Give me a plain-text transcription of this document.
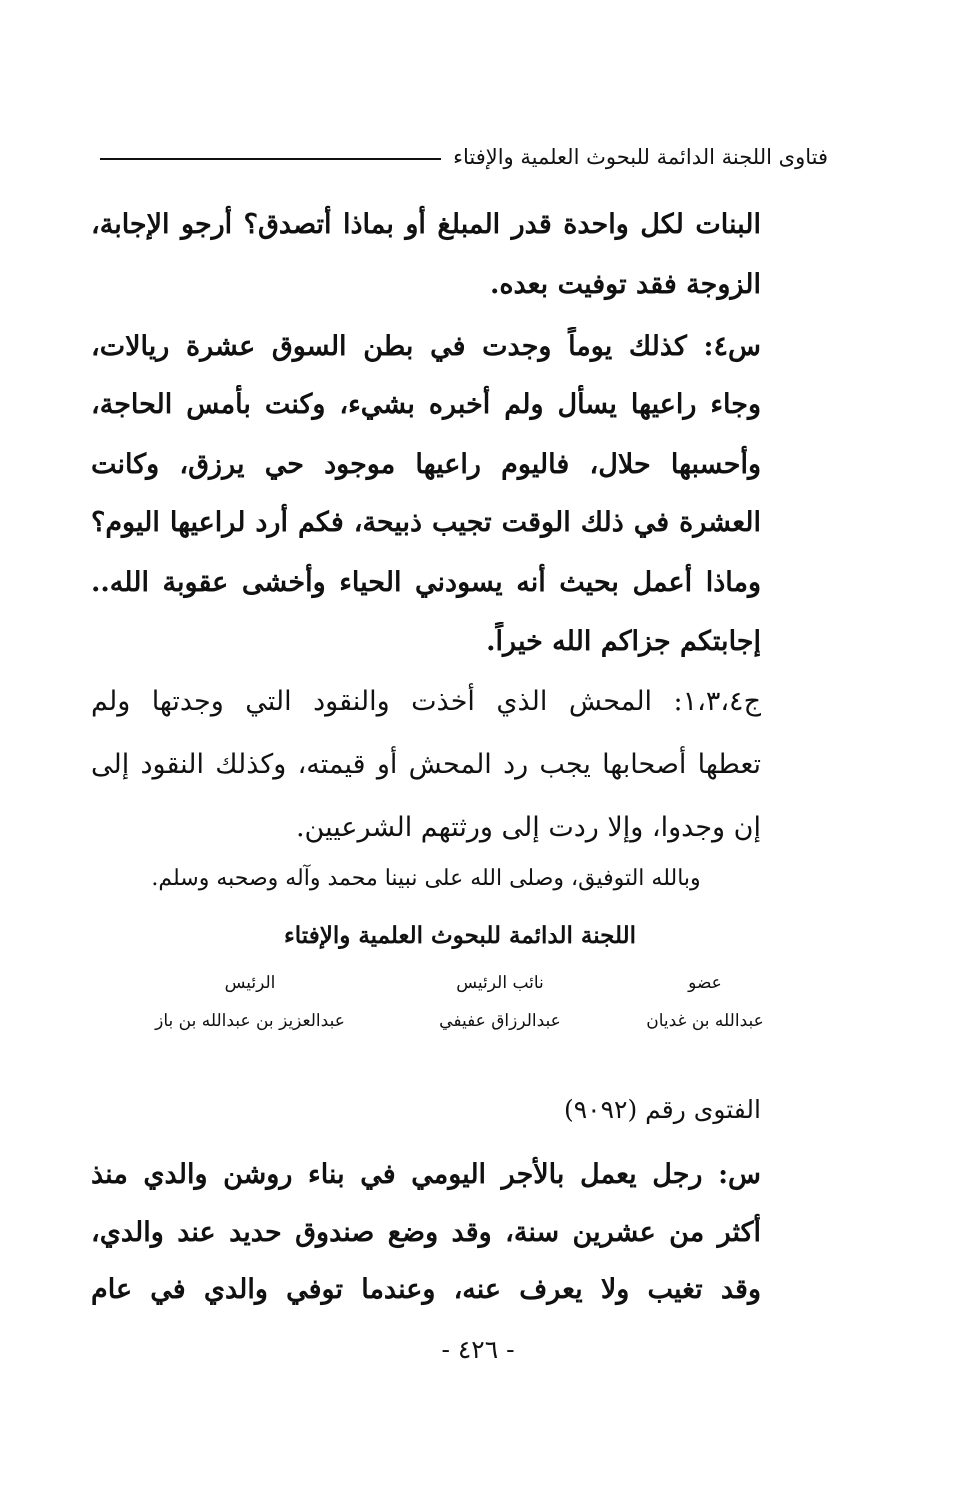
فتاوى اللجنة الدائمة للبحوث العلمية والإفتاء
البنات لكل واحدة قدر المبلغ أو بماذا أتصدق؟ أرجو الإجابة،
الزوجة فقد توفيت بعده.
س٤: كذلك يوماً وجدت في بطن السوق عشرة ريالات،
وجاء راعيها يسأل ولم أخبره بشيء، وكنت بأمس الحاجة،
وأحسبها حلال، فاليوم راعيها موجود حي يرزق، وكانت
العشرة في ذلك الوقت تجيب ذبيحة، فكم أرد لراعيها اليوم؟
وماذا أعمل بحيث أنه يسودني الحياء وأخشى عقوبة الله..
إجابتكم جزاكم الله خيراً.
ج١،٣،٤: المحش الذي أخذت والنقود التي وجدتها ولم
تعطها أصحابها يجب رد المحش أو قيمته، وكذلك النقود إلى
إن وجدوا، وإلا ردت إلى ورثتهم الشرعيين.
وبالله التوفيق، وصلى الله على نبينا محمد وآله وصحبه وسلم.
اللجنة الدائمة للبحوث العلمية والإفتاء
عضو
عبدالله بن غديان
نائب الرئيس
عبدالرزاق عفيفي
الرئيس
عبدالعزيز بن عبدالله بن باز
الفتوى رقم (٩٠٩٢)
س: رجل يعمل بالأجر اليومي في بناء روشن والدي منذ
أكثر من عشرين سنة، وقد وضع صندوق حديد عند والدي،
وقد تغيب ولا يعرف عنه، وعندما توفي والدي في عام
- ٤٢٦ -
